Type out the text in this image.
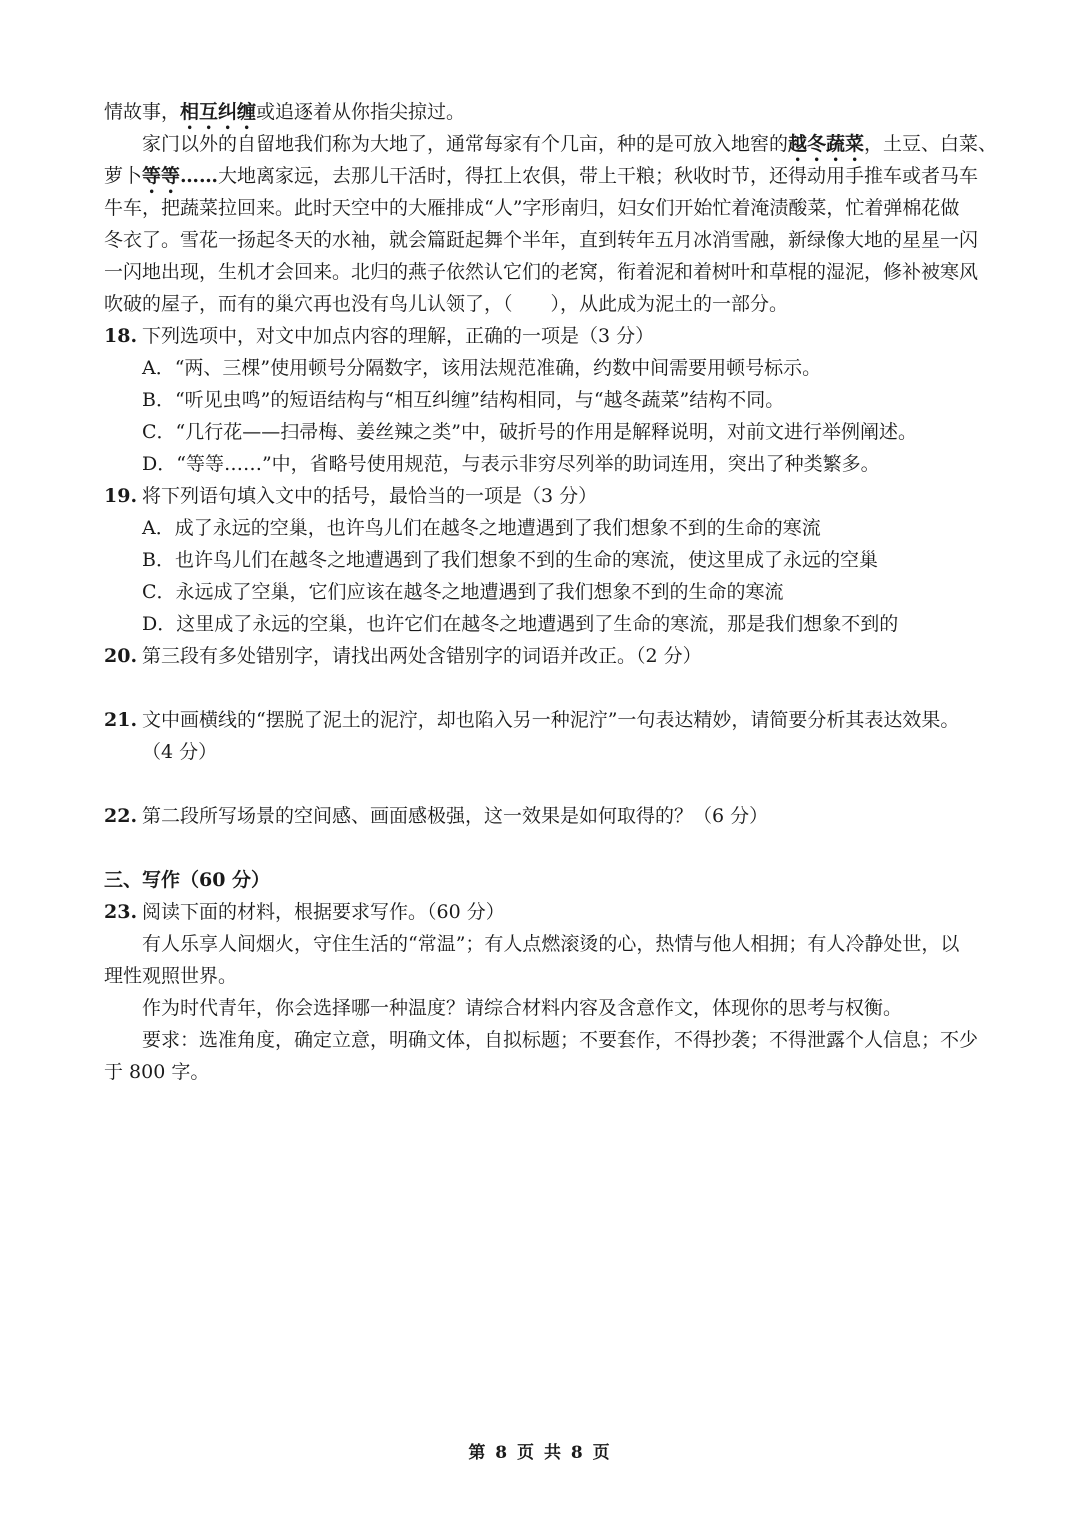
情故事，相互纠缠或追逐着从你指尖掠过。
家门以外的自留地我们称为大地了，通常每家有个几亩，种的是可放入地窖的越冬蔬菜，土豆、白菜、
萝卜等等……大地离家远，去那儿干活时，得扛上农俱，带上干粮；秋收时节，还得动用手推车或者马车
牛车，把蔬菜拉回来。此时天空中的大雁排成“人”字形南归，妇女们开始忙着淹渍酸菜，忙着弹棉花做
冬衣了。雪花一扬起冬天的水袖，就会篇跹起舞个半年，直到转年五月冰消雪融，新绿像大地的星星一闪
一闪地出现，生机才会回来。北归的燕子依然认它们的老窝，衔着泥和着树叶和草棍的湿泥，修补被寒风
吹破的屋子，而有的巢穴再也没有鸟儿认领了，（　　），从此成为泥土的一部分。
18. 下列选项中，对文中加点内容的理解，正确的一项是（3 分）
A．“两、三棵”使用顿号分隔数字，该用法规范准确，约数中间需要用顿号标示。
B．“听见虫鸣”的短语结构与“相互纠缠”结构相同，与“越冬蔬菜”结构不同。
C．“几行花——扫帚梅、姜丝辣之类”中，破折号的作用是解释说明，对前文进行举例阐述。
D．“等等……”中，省略号使用规范，与表示非穷尽列举的助词连用，突出了种类繁多。
19. 将下列语句填入文中的括号，最恰当的一项是（3 分）
A．成了永远的空巢，也许鸟儿们在越冬之地遭遇到了我们想象不到的生命的寒流
B．也许鸟儿们在越冬之地遭遇到了我们想象不到的生命的寒流，使这里成了永远的空巢
C．永远成了空巢，它们应该在越冬之地遭遇到了我们想象不到的生命的寒流
D．这里成了永远的空巢，也许它们在越冬之地遭遇到了生命的寒流，那是我们想象不到的
20. 第三段有多处错别字，请找出两处含错别字的词语并改正。（2 分）
21. 文中画横线的“摆脱了泥土的泥泞，却也陷入另一种泥泞”一句表达精妙，请简要分析其表达效果。
（4 分）
22. 第二段所写场景的空间感、画面感极强，这一效果是如何取得的？（6 分）
三、写作（60 分）
23. 阅读下面的材料，根据要求写作。（60 分）
有人乐享人间烟火，守住生活的“常温”；有人点燃滚烫的心，热情与他人相拥；有人冷静处世，以
理性观照世界。
作为时代青年，你会选择哪一种温度？请综合材料内容及含意作文，体现你的思考与权衡。
要求：选准角度，确定立意，明确文体，自拟标题；不要套作，不得抄袭；不得泄露个人信息；不少
于 800 字。
第 8 页 共 8 页
